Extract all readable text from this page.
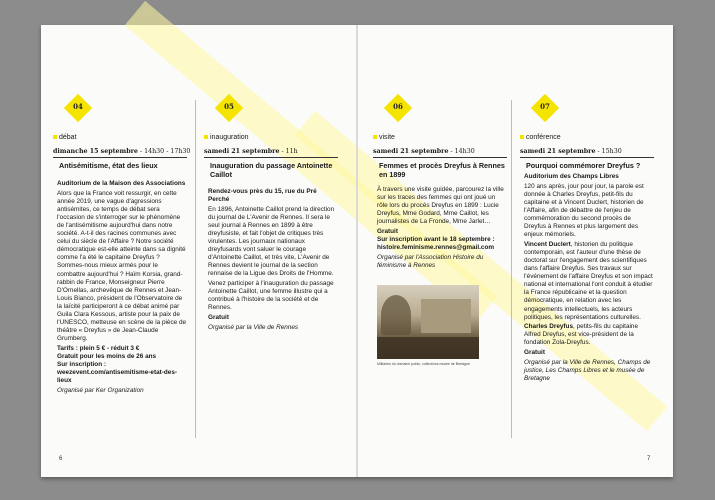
04
débat
dimanche 15 septembre - 14h30 - 17h30
Antisémitisme, état des lieux

Auditorium de la Maison des Associations

Alors que la France voit ressurgir, en cette année 2019, une vague d'agressions antisémites, ce temps de débat sera l'occasion de s'interroger sur le phénomène de l'antisémitisme aujourd'hui dans notre société. A-t-il des racines communes avec celui du siècle de l'Affaire ? Notre société démocratique est-elle atteinte dans sa dignité comme l'a été le capitaine Dreyfus ? Sommes-nous mieux armés pour le combattre aujourd'hui ? Haïm Korsia, grand-rabbin de France, Monseigneur Pierre D'Ornellas, archevêque de Rennes et Jean-Louis Bianco, président de l'Observatoire de la laïcité participeront à ce débat animé par Guila Clara Kessous, artiste pour la paix de l'UNESCO, metteuse en scène de la pièce de théâtre « Dreyfus » de Jean-Claude Grumberg.

Tarifs : plein 5 € - réduit 3 €

Gratuit pour les moins de 26 ans

Sur inscription :

weezevent.com/antisemitisme-etat-des-lieux

Organisé par Ker Organization

05
inauguration
samedi 21 septembre - 11h
Inauguration du passage Antoinette Caillot

Rendez-vous près du 15, rue du Pré Perché

En 1896, Antoinette Caillot prend la direction du journal de L'Avenir de Rennes. Il sera le seul journal à Rennes en 1899 à être dreyfusiste, et fait l'objet de critiques très virulentes. Les journaux nationaux dreyfusards vont saluer le courage d'Antoinette Caillot, et très vite, L'Avenir de Rennes devient le journal de la section rennaise de la Ligue des Droits de l'Homme.

Venez participer à l'inauguration du passage Antoinette Caillot, une femme illustre qui a contribué à l'histoire de la société et de Rennes.

Gratuit

Organisé par la Ville de Rennes

06
visite
samedi 21 septembre - 14h30
Femmes et procès Dreyfus à Rennes en 1899

À travers une visite guidée, parcourez la ville sur les traces des femmes qui ont joué un rôle lors du procès Dreyfus en 1899 : Lucie Dreyfus, Mme Godard, Mme Caillot, les journalistes de La Fronde, Mme Jarlet…

Gratuit

Sur inscription avant le 18 septembre :

histoire.feminisme.rennes@gmail.com

Organisé par l'Association Histoire du féminisme à Rennes

Militaires du domaine public, collections musée de Bretagne
07
conférence
samedi 21 septembre - 15h30
Pourquoi commémorer Dreyfus ?

Auditorium des Champs Libres

120 ans après, jour pour jour, la parole est donnée à Charles Dreyfus, petit-fils du capitaine et à Vincent Duclert, historien de l'Affaire, afin de débattre de l'enjeu de commémoration du second procès de Dreyfus à Rennes et plus largement des enjeux mémoriels.

Vincent Duclert, historien du politique contemporain, est l'auteur d'une thèse de doctorat sur l'engagement des scientifiques dans l'affaire Dreyfus. Ses travaux sur l'événement de l'affaire Dreyfus et son impact national et international l'ont conduit à étudier la France républicaine et la question démocratique, en relation avec les engagements intellectuels, les acteurs politiques, les représentations culturelles.

Charles Dreyfus, petits-fils du capitaine Alfred Dreyfus, est vice-président de la fondation Zola-Dreyfus.

Gratuit

Organisé par la Ville de Rennes, Champs de justice, Les Champs Libres et le musée de Bretagne

6	7
